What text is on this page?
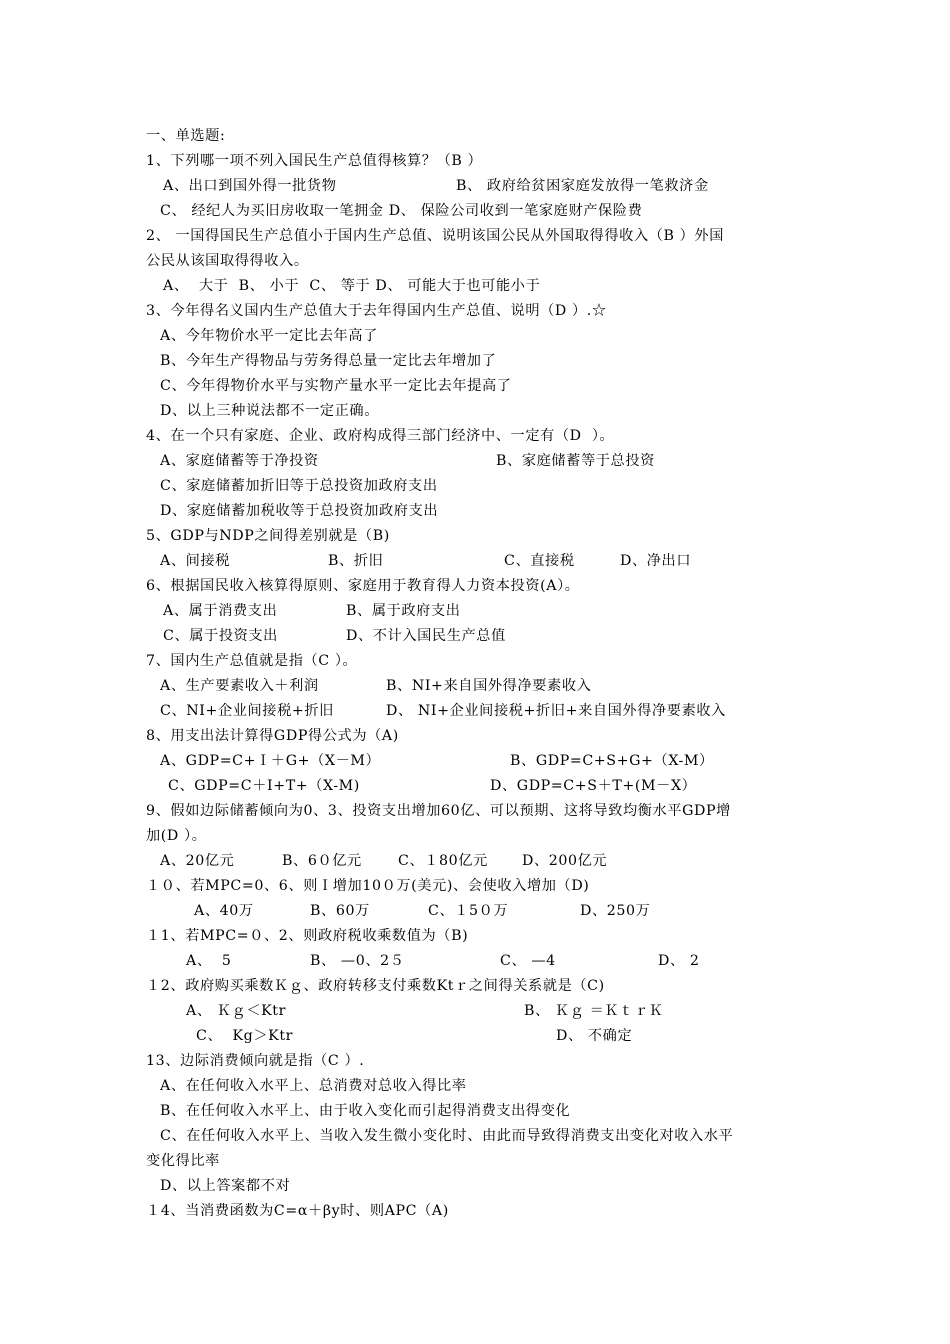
一、单选题:
1、下列哪一项不列入国民生产总值得核算？（B ）
A、出口到国外得一批货物	B、 政府给贫困家庭发放得一笔救济金
C、 经纪人为买旧房收取一笔拥金 D、 保险公司收到一笔家庭财产保险费
2、 一国得国民生产总值小于国内生产总值、说明该国公民从外国取得得收入（B ）外国
公民从该国取得得收入。
A、  大于  B、 小于  C、 等于 D、 可能大于也可能小于
3、今年得名义国内生产总值大于去年得国内生产总值、说明（D ）.☆
A、今年物价水平一定比去年高了
B、今年生产得物品与劳务得总量一定比去年增加了
C、今年得物价水平与实物产量水平一定比去年提高了
D、以上三种说法都不一定正确。
4、在一个只有家庭、企业、政府构成得三部门经济中、一定有（D  ）。
A、家庭储蓄等于净投资	B、家庭储蓄等于总投资
C、家庭储蓄加折旧等于总投资加政府支出
D、家庭储蓄加税收等于总投资加政府支出
5、GDP与NDP之间得差别就是（B)
A、间接税	B、折旧	C、直接税	D、净出口
6、根据国民收入核算得原则、家庭用于教育得人力资本投资(A）。
A、属于消费支出	B、属于政府支出
C、属于投资支出	D、不计入国民生产总值
7、国内生产总值就是指（C ）。
A、生产要素收入＋利润	B、NⅠ+来自国外得净要素收入
C、NI+企业间接税+折旧	D、 NI+企业间接税+折旧+来自国外得净要素收入
8、用支出法计算得GDP得公式为（A)
A、GDP=C+Ｉ＋G+（X－M）	B、GDP=C+S+G+（X-M）
C、GDP=C＋I+T+（X-M)	D、GDP=C+S＋T+(M－X）
9、假如边际储蓄倾向为0、3、投资支出增加60亿、可以预期、这将导致均衡水平GDP增
加(D ）。
A、20亿元	B、6０亿元	C、１80亿元 D、200亿元
１０、若MPC=0、6、则Ｉ增加10０万(美元)、会使收入增加（D)
A、40万	B、60万	C、１5０万	D、250万
１1、若MPC=０、2、则政府税收乘数值为（B)
A、  5	B、 —0、2５	C、 —4	D、 2
１2、政府购买乘数Ｋｇ、政府转移支付乘数Ktｒ之间得关系就是（C)
A、 Ｋｇ＜Ktr	B、 Ｋｇ ＝ＫｔｒＫ
C、  Kg＞Ktr	D、 不确定
13、边际消费倾向就是指（C ）.
A、在任何收入水平上、总消费对总收入得比率
B、在任何收入水平上、由于收入变化而引起得消费支出得变化
C、在任何收入水平上、当收入发生微小变化时、由此而导致得消费支出变化对收入水平
变化得比率
D、以上答案都不对
１4、当消费函数为C=α＋βy时、则APC（A)
